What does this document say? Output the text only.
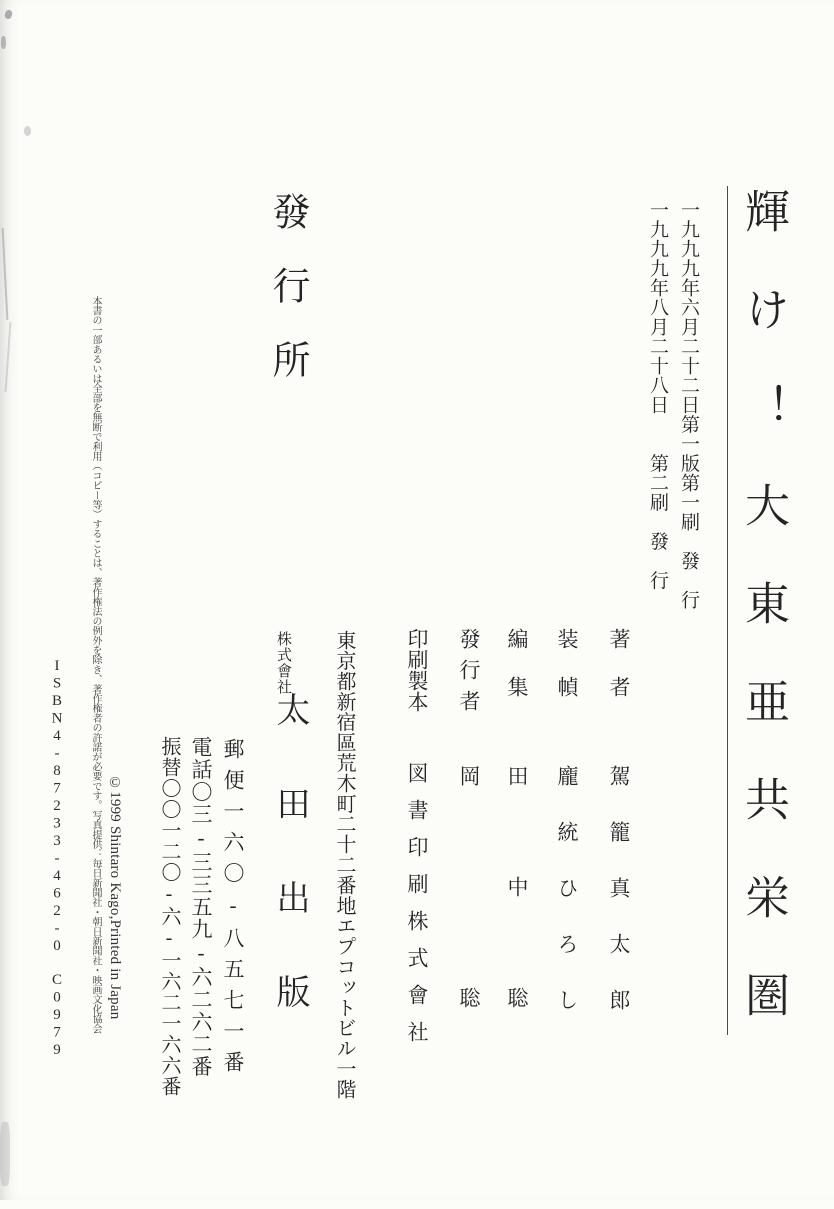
輝け！大東亜共栄圏
一九九九年六月二十二日第一版第一刷　發　行
一九九九年八月二十八日　　第二刷　發　行
著者
駕籠真太郎
装幀
龐統ひろし
編集
田中聡
發行者
岡聡
印刷製本
図書印刷株式會社
發行所
東京都新宿區荒木町二十二番地エプコットビル一階
株式會社
太田出版
郵便一六〇-八五七一番
電話〇三-三三五九-六二六二番
振替〇〇一二〇-六-一六二一六六番
本書の一部あるいは全部を無断で利用（コピー等）することは、著作権法の例外を除き、著作権者の許諾が必要です。写真提供：毎日新聞社・朝日新聞社・映画文化協会 ©1999 Shintaro Kago,Printed in Japan
ISBN4-87233-462-0　C0979
